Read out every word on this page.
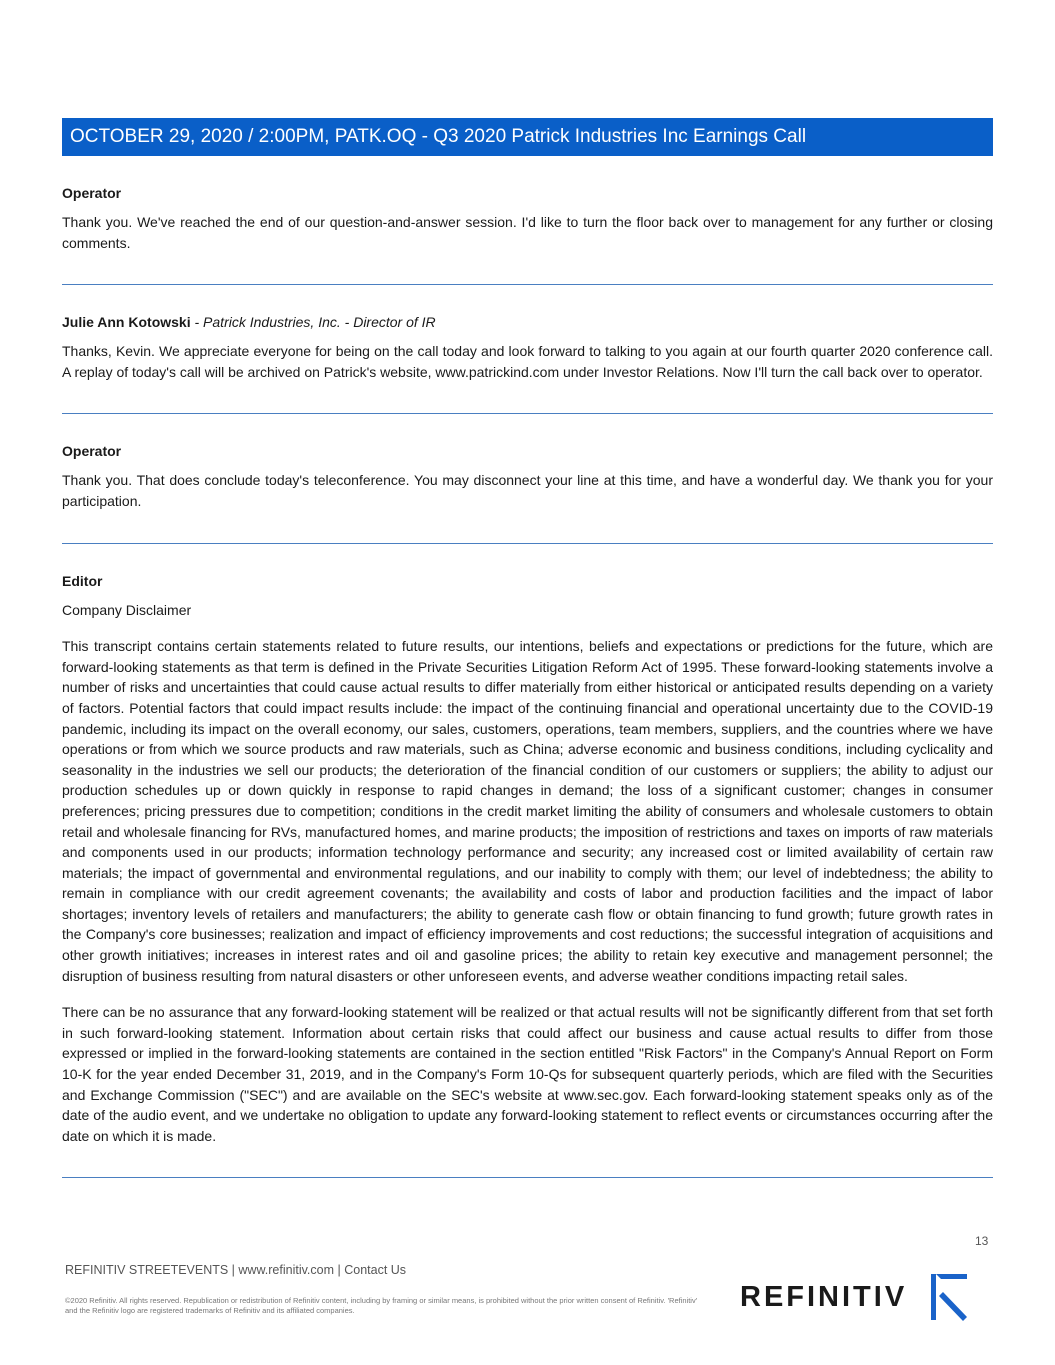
OCTOBER 29, 2020 / 2:00PM, PATK.OQ - Q3 2020 Patrick Industries Inc Earnings Call

Operator

Thank you. We've reached the end of our question-and-answer session. I'd like to turn the floor back over to management for any further or closing comments.

Julie Ann Kotowski - Patrick Industries, Inc. - Director of IR

Thanks, Kevin. We appreciate everyone for being on the call today and look forward to talking to you again at our fourth quarter 2020 conference call. A replay of today's call will be archived on Patrick's website, www.patrickind.com under Investor Relations. Now I'll turn the call back over to operator.

Operator

Thank you. That does conclude today's teleconference. You may disconnect your line at this time, and have a wonderful day. We thank you for your participation.

Editor

Company Disclaimer

This transcript contains certain statements related to future results, our intentions, beliefs and expectations or predictions for the future, which are forward-looking statements as that term is defined in the Private Securities Litigation Reform Act of 1995. These forward-looking statements involve a number of risks and uncertainties that could cause actual results to differ materially from either historical or anticipated results depending on a variety of factors. Potential factors that could impact results include: the impact of the continuing financial and operational uncertainty due to the COVID-19 pandemic, including its impact on the overall economy, our sales, customers, operations, team members, suppliers, and the countries where we have operations or from which we source products and raw materials, such as China; adverse economic and business conditions, including cyclicality and seasonality in the industries we sell our products; the deterioration of the financial condition of our customers or suppliers; the ability to adjust our production schedules up or down quickly in response to rapid changes in demand; the loss of a significant customer; changes in consumer preferences; pricing pressures due to competition; conditions in the credit market limiting the ability of consumers and wholesale customers to obtain retail and wholesale financing for RVs, manufactured homes, and marine products; the imposition of restrictions and taxes on imports of raw materials and components used in our products; information technology performance and security; any increased cost or limited availability of certain raw materials; the impact of governmental and environmental regulations, and our inability to comply with them; our level of indebtedness; the ability to remain in compliance with our credit agreement covenants; the availability and costs of labor and production facilities and the impact of labor shortages; inventory levels of retailers and manufacturers; the ability to generate cash flow or obtain financing to fund growth; future growth rates in the Company's core businesses; realization and impact of efficiency improvements and cost reductions; the successful integration of acquisitions and other growth initiatives; increases in interest rates and oil and gasoline prices; the ability to retain key executive and management personnel; the disruption of business resulting from natural disasters or other unforeseen events, and adverse weather conditions impacting retail sales.

There can be no assurance that any forward-looking statement will be realized or that actual results will not be significantly different from that set forth in such forward-looking statement. Information about certain risks that could affect our business and cause actual results to differ from those expressed or implied in the forward-looking statements are contained in the section entitled "Risk Factors" in the Company's Annual Report on Form 10-K for the year ended December 31, 2019, and in the Company's Form 10-Qs for subsequent quarterly periods, which are filed with the Securities and Exchange Commission ("SEC") and are available on the SEC's website at www.sec.gov. Each forward-looking statement speaks only as of the date of the audio event, and we undertake no obligation to update any forward-looking statement to reflect events or circumstances occurring after the date on which it is made.

13
REFINITIV STREETEVENTS | www.refinitiv.com | Contact Us
©2020 Refinitiv. All rights reserved. Republication or redistribution of Refinitiv content, including by framing or similar means, is prohibited without the prior written consent of Refinitiv. 'Refinitiv' and the Refinitiv logo are registered trademarks of Refinitiv and its affiliated companies.	REFINITIV
